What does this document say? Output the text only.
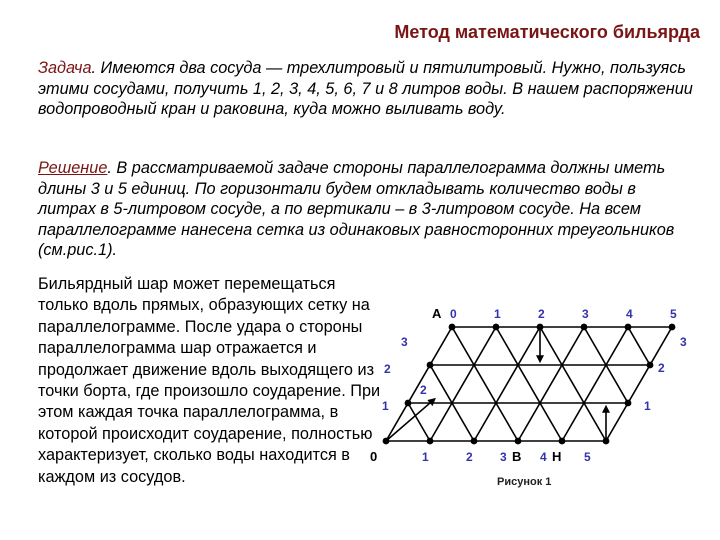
Метод математического бильярда
Задача. Имеются два сосуда — трехлитровый и пятилитровый. Нужно, пользуясь этими сосудами, получить 1, 2, 3, 4, 5, 6, 7 и 8 литров воды. В нашем распоряжении водопроводный кран и раковина, куда можно выливать воду.
Решение. В рассматриваемой задаче стороны параллелограмма должны иметь длины 3 и 5 единиц. По горизонтали будем откладывать количество воды в литрах в 5-литровом сосуде, а по вертикали – в 3-литровом сосуде. На всем параллелограмме нанесена сетка из одинаковых равносторонних треугольников (см.рис.1).
Бильярдный шар может перемещаться только вдоль прямых, образующих сетку на параллелограмме. После удара о стороны параллелограмма шар отражается и продолжает движение вдоль выходящего из точки борта, где произошло соударение. При этом каждая точка параллелограмма, в которой происходит соударение, полностью характеризует, сколько воды находится в каждом из сосудов.
A 0	1	2	3	4	5
3
2
2
1
3
2
1
0	1	2 3 B 4 H 5
Рисунок 1
